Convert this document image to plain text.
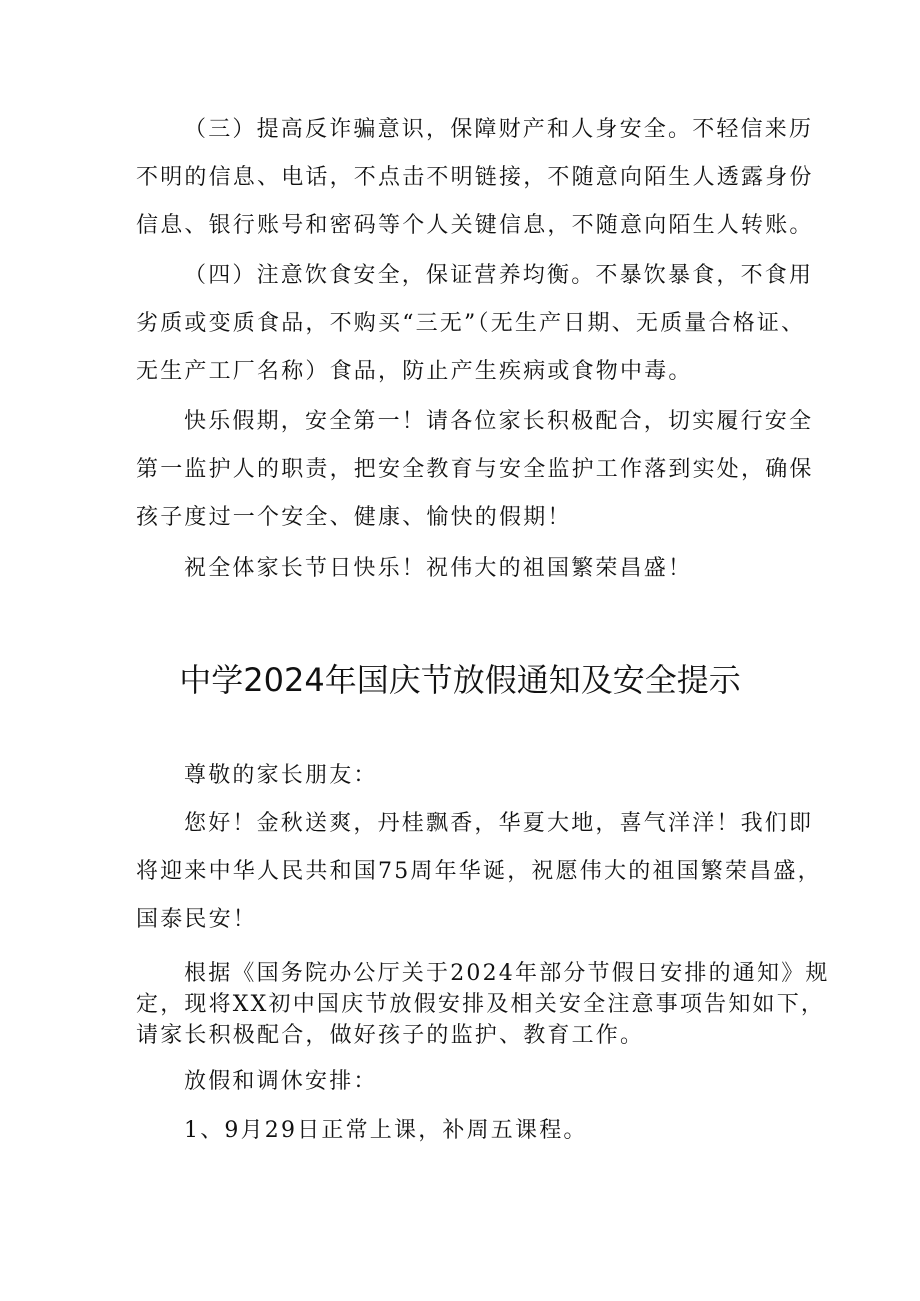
（三）提高反诈骗意识，保障财产和人身安全。不轻信来历
不明的信息、电话，不点击不明链接，不随意向陌生人透露身份
信息、银行账号和密码等个人关键信息，不随意向陌生人转账。

（四）注意饮食安全，保证营养均衡。不暴饮暴食，不食用
劣质或变质食品，不购买“三无”（无生产日期、无质量合格证、
无生产工厂名称）食品，防止产生疾病或食物中毒。

快乐假期，安全第一！请各位家长积极配合，切实履行安全
第一监护人的职责，把安全教育与安全监护工作落到实处，确保
孩子度过一个安全、健康、愉快的假期！

祝全体家长节日快乐！祝伟大的祖国繁荣昌盛！

中学2024年国庆节放假通知及安全提示

尊敬的家长朋友：

您好！金秋送爽，丹桂飘香，华夏大地，喜气洋洋！我们即
将迎来中华人民共和国75周年华诞，祝愿伟大的祖国繁荣昌盛，
国泰民安！

根据《国务院办公厅关于2024年部分节假日安排的通知》规
定，现将XX初中国庆节放假安排及相关安全注意事项告知如下，
请家长积极配合，做好孩子的监护、教育工作。

放假和调休安排：

1、9月29日正常上课，补周五课程。
